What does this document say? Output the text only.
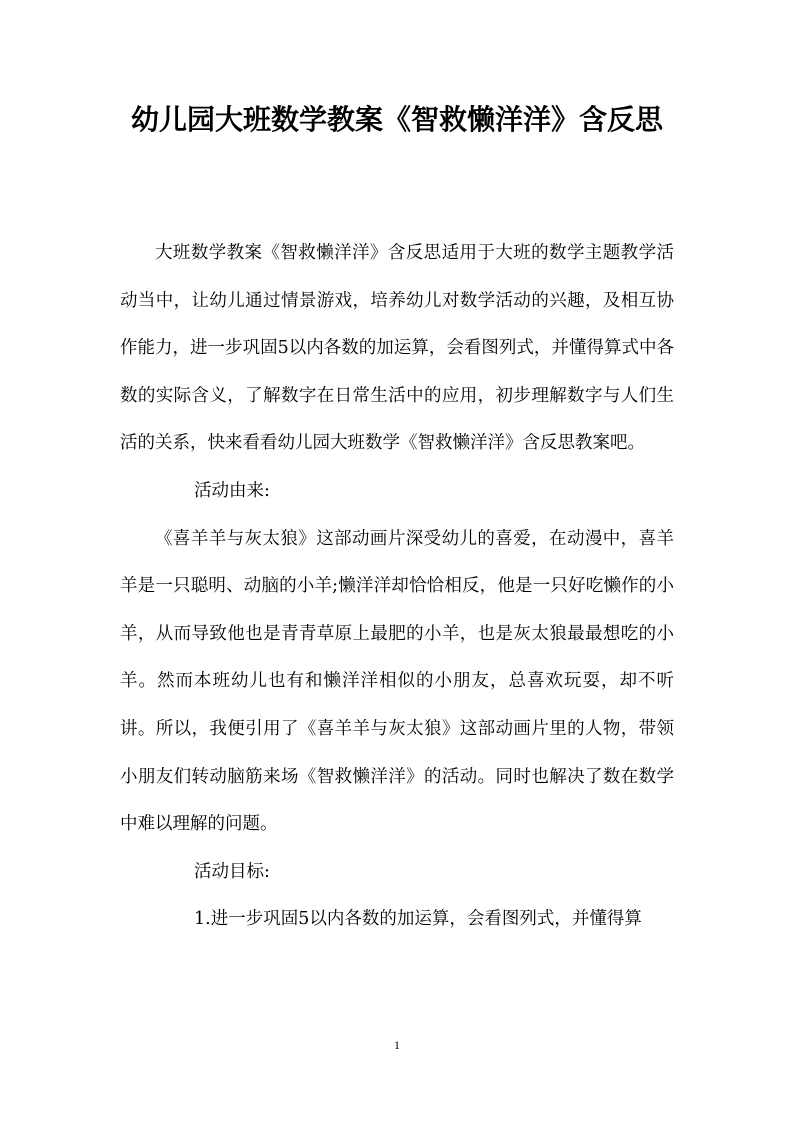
幼儿园大班数学教案《智救懒洋洋》含反思

大班数学教案《智救懒洋洋》含反思适用于大班的数学主题教学活动当中，让幼儿通过情景游戏，培养幼儿对数学活动的兴趣，及相互协作能力，进一步巩固5以内各数的加运算，会看图列式，并懂得算式中各数的实际含义，了解数字在日常生活中的应用，初步理解数字与人们生活的关系，快来看看幼儿园大班数学《智救懒洋洋》含反思教案吧。

活动由来:

《喜羊羊与灰太狼》这部动画片深受幼儿的喜爱，在动漫中，喜羊羊是一只聪明、动脑的小羊;懒洋洋却恰恰相反，他是一只好吃懒作的小羊，从而导致他也是青青草原上最肥的小羊，也是灰太狼最最想吃的小羊。然而本班幼儿也有和懒洋洋相似的小朋友，总喜欢玩耍，却不听讲。所以，我便引用了《喜羊羊与灰太狼》这部动画片里的人物，带领小朋友们转动脑筋来场《智救懒洋洋》的活动。同时也解决了数在数学中难以理解的问题。

活动目标:

1.进一步巩固5以内各数的加运算，会看图列式，并懂得算

1
